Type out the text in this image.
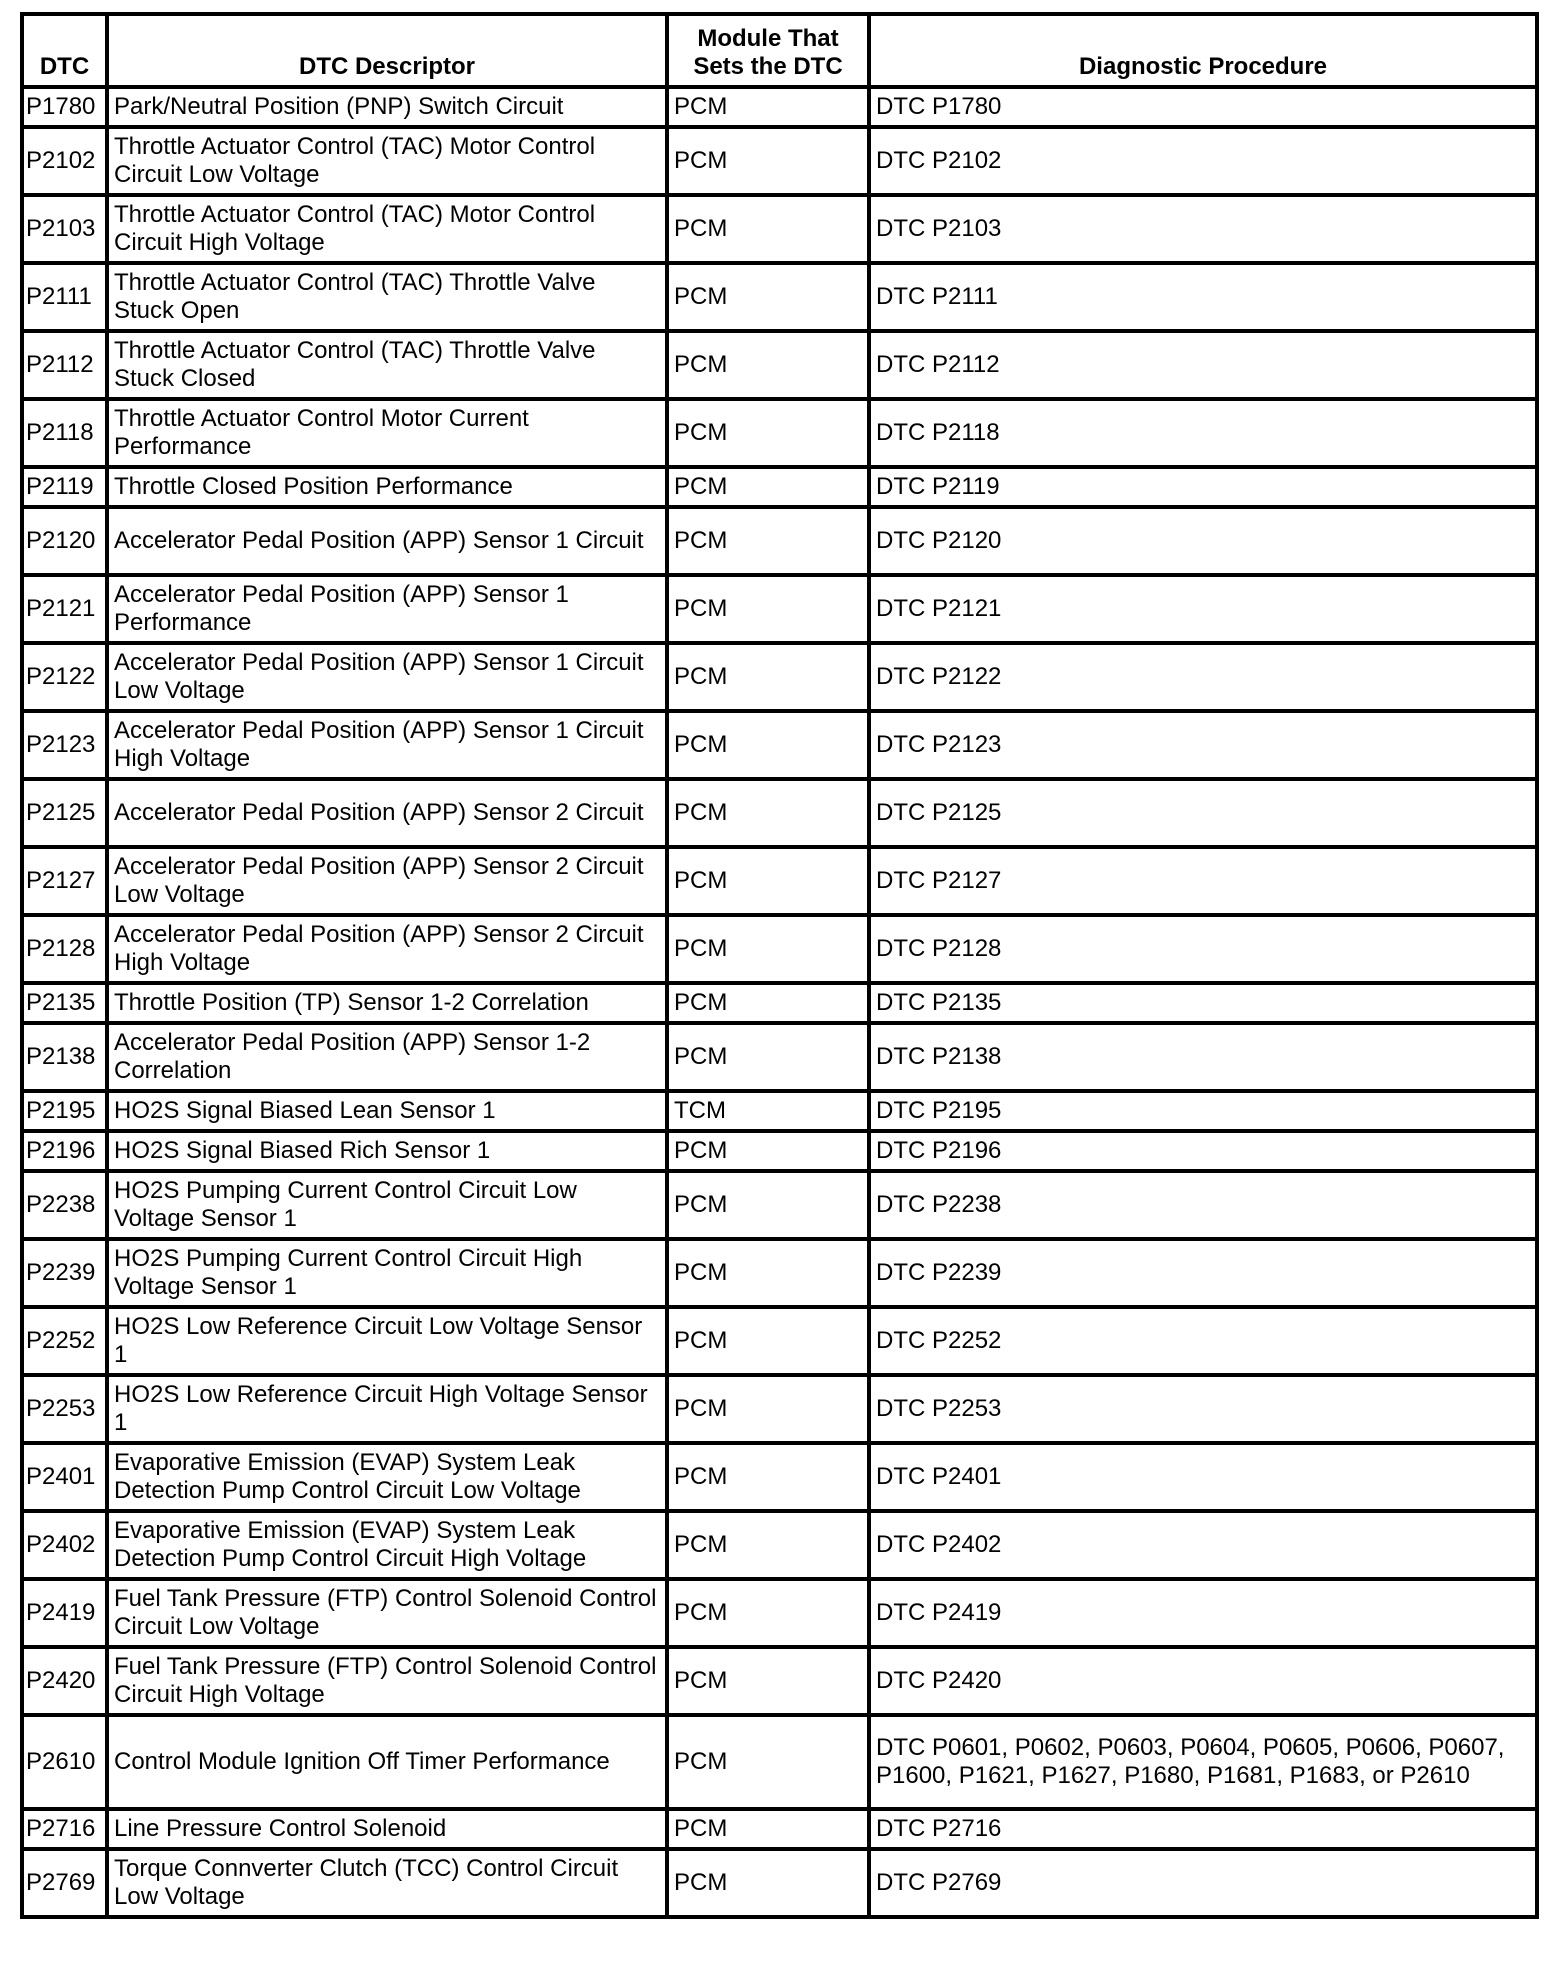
DTC	DTC Descriptor	Module That Sets the DTC	Diagnostic Procedure
P1780	Park/Neutral Position (PNP) Switch Circuit	PCM	DTC P1780
P2102	Throttle Actuator Control (TAC) Motor Control Circuit Low Voltage	PCM	DTC P2102
P2103	Throttle Actuator Control (TAC) Motor Control Circuit High Voltage	PCM	DTC P2103
P2111	Throttle Actuator Control (TAC) Throttle Valve Stuck Open	PCM	DTC P2111
P2112	Throttle Actuator Control (TAC) Throttle Valve Stuck Closed	PCM	DTC P2112
P2118	Throttle Actuator Control Motor Current Performance	PCM	DTC P2118
P2119	Throttle Closed Position Performance	PCM	DTC P2119
P2120	Accelerator Pedal Position (APP) Sensor 1 Circuit	PCM	DTC P2120
P2121	Accelerator Pedal Position (APP) Sensor 1 Performance	PCM	DTC P2121
P2122	Accelerator Pedal Position (APP) Sensor 1 Circuit Low Voltage	PCM	DTC P2122
P2123	Accelerator Pedal Position (APP) Sensor 1 Circuit High Voltage	PCM	DTC P2123
P2125	Accelerator Pedal Position (APP) Sensor 2 Circuit	PCM	DTC P2125
P2127	Accelerator Pedal Position (APP) Sensor 2 Circuit Low Voltage	PCM	DTC P2127
P2128	Accelerator Pedal Position (APP) Sensor 2 Circuit High Voltage	PCM	DTC P2128
P2135	Throttle Position (TP) Sensor 1-2 Correlation	PCM	DTC P2135
P2138	Accelerator Pedal Position (APP) Sensor 1-2 Correlation	PCM	DTC P2138
P2195	HO2S Signal Biased Lean Sensor 1	TCM	DTC P2195
P2196	HO2S Signal Biased Rich Sensor 1	PCM	DTC P2196
P2238	HO2S Pumping Current Control Circuit Low Voltage Sensor 1	PCM	DTC P2238
P2239	HO2S Pumping Current Control Circuit High Voltage Sensor 1	PCM	DTC P2239
P2252	HO2S Low Reference Circuit Low Voltage Sensor 1	PCM	DTC P2252
P2253	HO2S Low Reference Circuit High Voltage Sensor 1	PCM	DTC P2253
P2401	Evaporative Emission (EVAP) System Leak Detection Pump Control Circuit Low Voltage	PCM	DTC P2401
P2402	Evaporative Emission (EVAP) System Leak Detection Pump Control Circuit High Voltage	PCM	DTC P2402
P2419	Fuel Tank Pressure (FTP) Control Solenoid Control Circuit Low Voltage	PCM	DTC P2419
P2420	Fuel Tank Pressure (FTP) Control Solenoid Control Circuit High Voltage	PCM	DTC P2420
P2610	Control Module Ignition Off Timer Performance	PCM	DTC P0601, P0602, P0603, P0604, P0605, P0606, P0607, P1600, P1621, P1627, P1680, P1681, P1683, or P2610
P2716	Line Pressure Control Solenoid	PCM	DTC P2716
P2769	Torque Connverter Clutch (TCC) Control Circuit Low Voltage	PCM	DTC P2769
